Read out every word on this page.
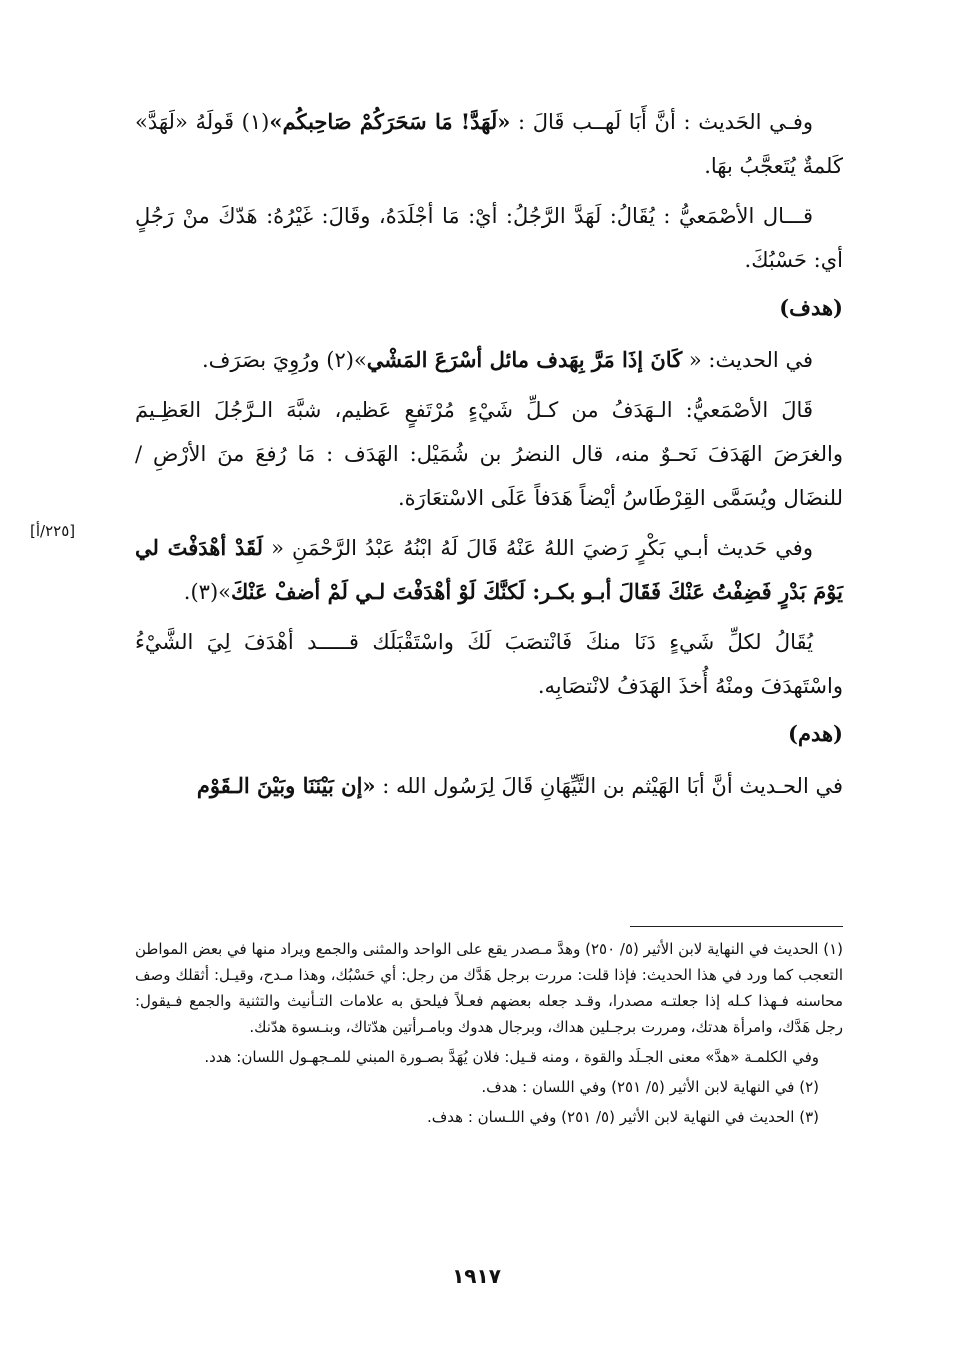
وفـي الحَديث : أنَّ أَبَا لَهــب قَالَ : «لَهَدَّ! مَا سَحَرَكُمْ صَاحِبكُم»(١) قَولَهُ «لَهَدَّ» كَلمةٌ يُتَعجَّبُ بهَا.

قـــال الأصْمَعيُّ : يُقَالُ: لَهَدَّ الرَّجُلُ: أيْ: مَا أجْلَدَهُ، وقَالَ: غَيْرُهُ: هَدّكَ منْ رَجُلٍ أي: حَسْبُكَ.

(هدف)

في الحديث: « كَانَ إذَا مَرَّ بِهَدف مائل أسْرَعَ المَشْي»(٢) ورُوِيَ بصَرَف.

قَالَ الأصْمَعيُّ: الـهَدَفُ من كـلِّ شَيْءٍ مُرْتَفعٍ عَظيم، شبَّهَ الـرَّجُلَ العَظِـيمَ والغرَضَ الهَدَفَ نَحـوٌ منه، قال النضرُ بن شُمَيْل: الهَدَف : مَا رُفعَ منَ الأرْضِ / للنضَال ويُسَمَّى القِرْطَاسُ أيْضاً هَدَفاً عَلَى الاسْتعَارَة.

وفي حَديث أبـي بَكْرٍ رَضيَ اللهُ عَنْهُ قَالَ لَهُ ابْنُهُ عَبْدُ الرَّحْمَنِ « لَقَدْ أهْدَفْتَ لي يَوْمَ بَدْرٍ فَضِفْتُ عَنْكَ فَقَالَ أبـو بكـر: لَكنَّكَ لَوْ أهْدَفْتَ لـي لَمْ أضفْ عَنْكَ»(٣).

يُقَالُ لكلِّ شَيءٍ دَنَا منكَ فَانْتصَبَ لَكَ واسْتَقْبَلَك قـــــد أهْدَفَ لِيَ الشَّيْءُ واسْتَهدَفَ ومنْهُ أُخذَ الهَدَفُ لانْتصَابِه.

(هدم)

في الحـديث أنَّ أبَا الهَيْثم بن التَّيِّهَانِ قَالَ لِرَسُول الله : «إن بَيْنَنَا وبَيْنَ الـقَوْم

[٢٢٥/أ]

(١) الحديث في النهاية لابن الأثير (٥/ ٢٥٠) وهدَّ مـصدر يقع على الواحد والمثنى والجمع ويراد منها في بعض المواطن التعجب كما ورد في هذا الحديث: فإذا قلت: مررت برجل هَدَّك من رجل: أي حَسْبُك، وهذا مـدح، وقيـل: أثقلك وصف محاسنه فـهذا كـله إذا جعلتـه مصدرا، وقـد جعله بعضهم فعـلاً فيلحق به علامات التـأنيث والتثنية والجمع فـيقول: رجل هَدَّك، وامرأة هدتك، ومررت برجـلين هداك، وبرجال هدوك وبامـرأتين هدّتاك، وبنـسوة هدّنك.

وفي الكلمـة «هدَّ» معنى الجـلَد والقوة ، ومنه قـيل: فلان يُهَدَّ بصـورة المبني للمـجهـول اللسان: هدد.

(٢) في النهاية لابن الأثير (٥/ ٢٥١) وفي اللسان : هدف.

(٣) الحديث في النهاية لابن الأثير (٥/ ٢٥١) وفي اللـسان : هدف.

١٩١٧
